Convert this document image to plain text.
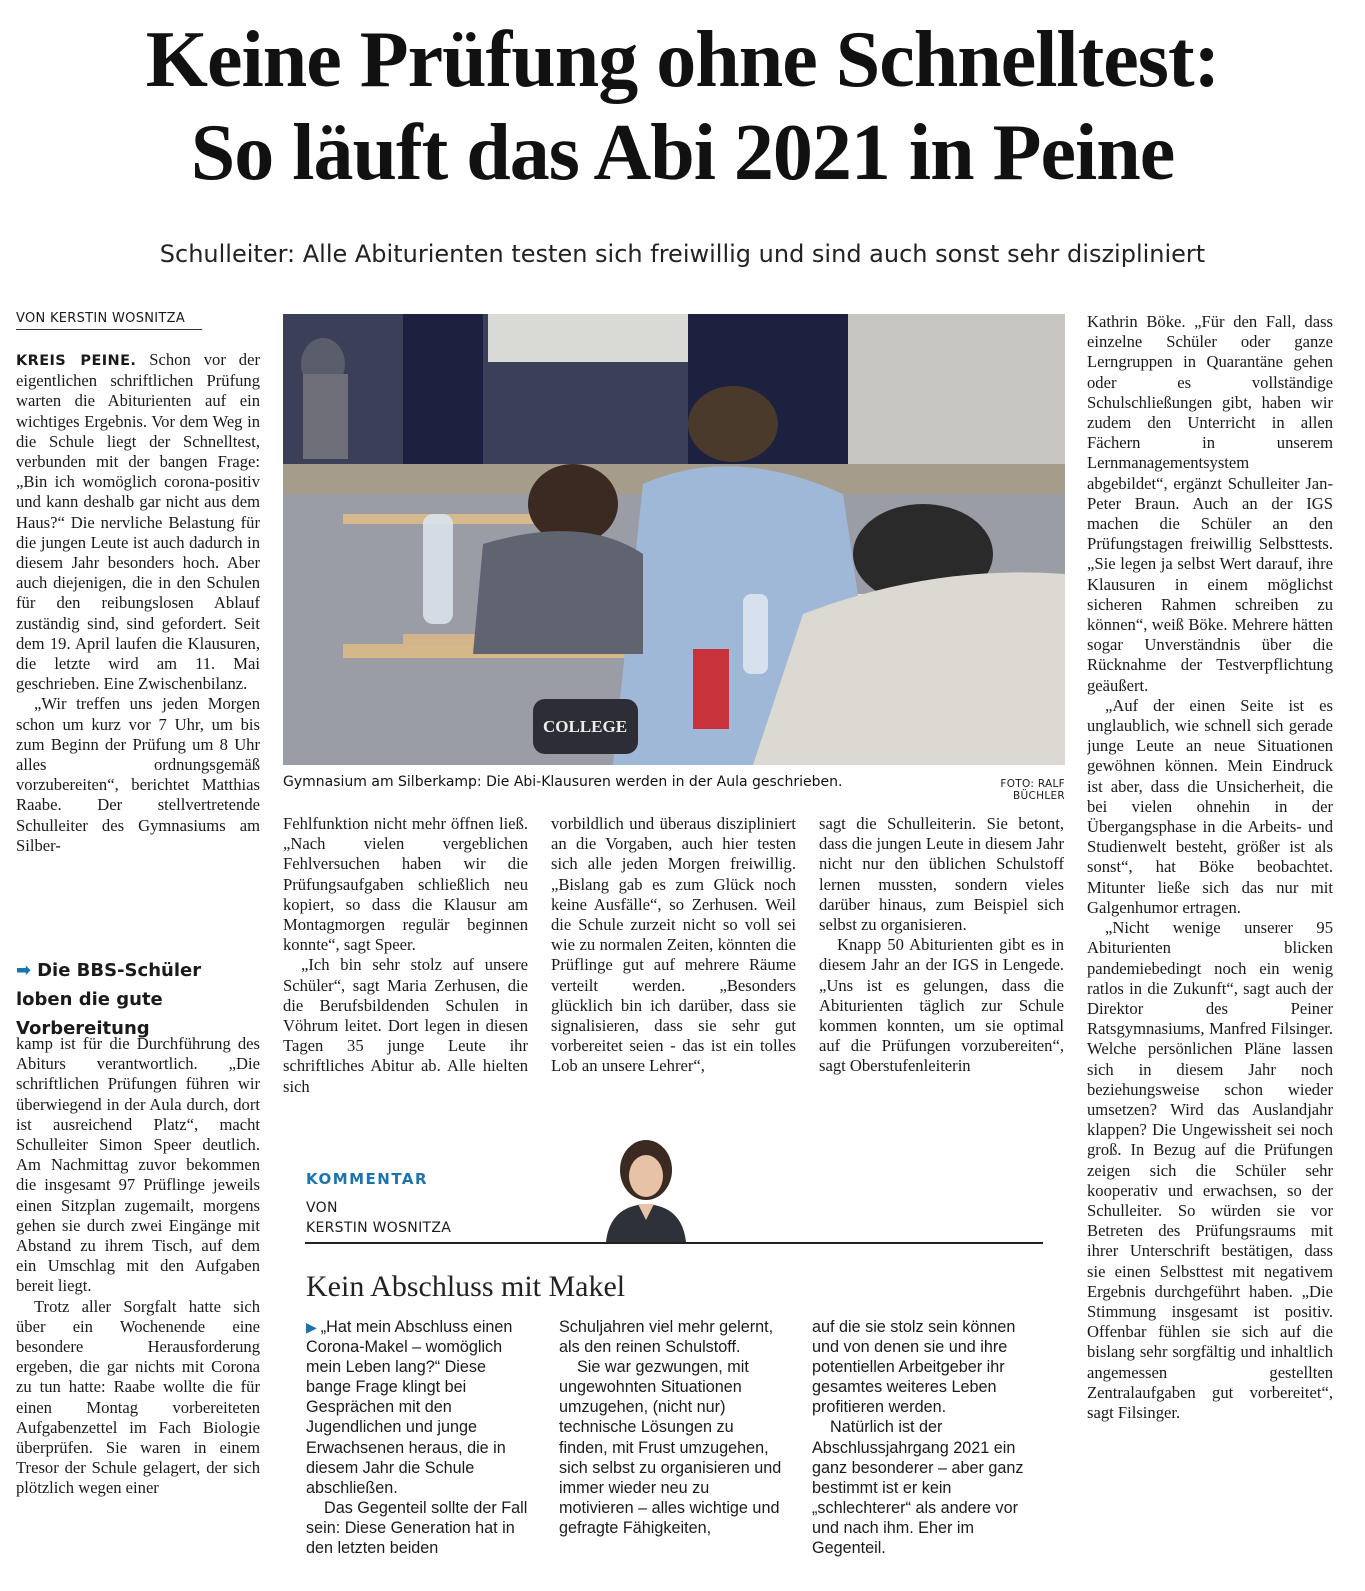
Keine Prüfung ohne Schnelltest:
So läuft das Abi 2021 in Peine
Schulleiter: Alle Abiturienten testen sich freiwillig und sind auch sonst sehr diszipliniert
VON KERSTIN WOSNITZA

KREIS PEINE. Schon vor der eigentlichen schriftlichen Prüfung warten die Abiturienten auf ein wichtiges Ergebnis. Vor dem Weg in die Schule liegt der Schnelltest, verbunden mit der bangen Frage: „Bin ich womöglich corona-positiv und kann deshalb gar nicht aus dem Haus?“ Die nervliche Belastung für die jungen Leute ist auch dadurch in diesem Jahr besonders hoch. Aber auch diejenigen, die in den Schulen für den reibungslosen Ablauf zuständig sind, sind gefordert. Seit dem 19. April laufen die Klausuren, die letzte wird am 11. Mai geschrieben. Eine Zwischenbilanz.

„Wir treffen uns jeden Morgen schon um kurz vor 7 Uhr, um bis zum Beginn der Prüfung um 8 Uhr alles ordnungsgemäß vorzubereiten“, berichtet Matthias Raabe. Der stellvertretende Schulleiter des Gymnasiums am Silber-

➡ Die BBS-Schüler loben die gute Vorbereitung

kamp ist für die Durchführung des Abiturs verantwortlich. „Die schriftlichen Prüfungen führen wir überwiegend in der Aula durch, dort ist ausreichend Platz“, macht Schulleiter Simon Speer deutlich. Am Nachmittag zuvor bekommen die insgesamt 97 Prüflinge jeweils einen Sitzplan zugemailt, morgens gehen sie durch zwei Eingänge mit Abstand zu ihrem Tisch, auf dem ein Umschlag mit den Aufgaben bereit liegt.

Trotz aller Sorgfalt hatte sich über ein Wochenende eine besondere Herausforderung ergeben, die gar nichts mit Corona zu tun hatte: Raabe wollte die für einen Montag vorbereiteten Aufgabenzettel im Fach Biologie überprüfen. Sie waren in einem Tresor der Schule gelagert, der sich plötzlich wegen einer

COLLEGE
Gymnasium am Silberkamp: Die Abi-Klausuren werden in der Aula geschrieben.	FOTO: RALF BÜCHLER

Fehlfunktion nicht mehr öffnen ließ. „Nach vielen vergeblichen Fehlversuchen haben wir die Prüfungsaufgaben schließlich neu kopiert, so dass die Klausur am Montagmorgen regulär beginnen konnte“, sagt Speer.

„Ich bin sehr stolz auf unsere Schüler“, sagt Maria Zerhusen, die die Berufsbildenden Schulen in Vöhrum leitet. Dort legen in diesen Tagen 35 junge Leute ihr schriftliches Abitur ab. Alle hielten sich

vorbildlich und überaus diszipliniert an die Vorgaben, auch hier testen sich alle jeden Morgen freiwillig. „Bislang gab es zum Glück noch keine Ausfälle“, so Zerhusen. Weil die Schule zurzeit nicht so voll sei wie zu normalen Zeiten, könnten die Prüflinge gut auf mehrere Räume verteilt werden. „Besonders glücklich bin ich darüber, dass sie signalisieren, dass sie sehr gut vorbereitet seien - das ist ein tolles Lob an unsere Lehrer“,

sagt die Schulleiterin. Sie betont, dass die jungen Leute in diesem Jahr nicht nur den üblichen Schulstoff lernen mussten, sondern vieles darüber hinaus, zum Beispiel sich selbst zu organisieren.

Knapp 50 Abiturienten gibt es in diesem Jahr an der IGS in Lengede. „Uns ist es gelungen, dass die Abiturienten täglich zur Schule kommen konnten, um sie optimal auf die Prüfungen vorzubereiten“, sagt Oberstufenleiterin

Kathrin Böke. „Für den Fall, dass einzelne Schüler oder ganze Lerngruppen in Quarantäne gehen oder es vollständige Schulschließungen gibt, haben wir zudem den Unterricht in allen Fächern in unserem Lernmanagementsystem abgebildet“, ergänzt Schulleiter Jan-Peter Braun. Auch an der IGS machen die Schüler an den Prüfungstagen freiwillig Selbsttests. „Sie legen ja selbst Wert darauf, ihre Klausuren in einem möglichst sicheren Rahmen schreiben zu können“, weiß Böke. Mehrere hätten sogar Unverständnis über die Rücknahme der Testverpflichtung geäußert.

„Auf der einen Seite ist es unglaublich, wie schnell sich gerade junge Leute an neue Situationen gewöhnen können. Mein Eindruck ist aber, dass die Unsicherheit, die bei vielen ohnehin in der Übergangsphase in die Arbeits- und Studienwelt besteht, größer ist als sonst“, hat Böke beobachtet. Mitunter ließe sich das nur mit Galgenhumor ertragen.

„Nicht wenige unserer 95 Abiturienten blicken pandemiebedingt noch ein wenig ratlos in die Zukunft“, sagt auch der Direktor des Peiner Ratsgymnasiums, Manfred Filsinger. Welche persönlichen Pläne lassen sich in diesem Jahr noch beziehungsweise schon wieder umsetzen? Wird das Auslandjahr klappen? Die Ungewissheit sei noch groß. In Bezug auf die Prüfungen zeigen sich die Schüler sehr kooperativ und erwachsen, so der Schulleiter. So würden sie vor Betreten des Prüfungsraums mit ihrer Unterschrift bestätigen, dass sie einen Selbsttest mit negativem Ergebnis durchgeführt haben. „Die Stimmung insgesamt ist positiv. Offenbar fühlen sie sich auf die bislang sehr sorgfältig und inhaltlich angemessen gestellten Zentralaufgaben gut vorbereitet“, sagt Filsinger.

KOMMENTAR
VON
KERSTIN WOSNITZA
Kein Abschluss mit Makel

▶ „Hat mein Abschluss einen Corona-Makel – womöglich mein Leben lang?“ Diese bange Frage klingt bei Gesprächen mit den Jugendlichen und junge Erwachsenen heraus, die in diesem Jahr die Schule abschließen.

Das Gegenteil sollte der Fall sein: Diese Generation hat in den letzten beiden

Schuljahren viel mehr gelernt, als den reinen Schulstoff.

Sie war gezwungen, mit ungewohnten Situationen umzugehen, (nicht nur) technische Lösungen zu finden, mit Frust umzugehen, sich selbst zu organisieren und immer wieder neu zu motivieren – alles wichtige und gefragte Fähigkeiten,

auf die sie stolz sein können und von denen sie und ihre potentiellen Arbeitgeber ihr gesamtes weiteres Leben profitieren werden.

Natürlich ist der Abschlussjahrgang 2021 ein ganz besonderer – aber ganz bestimmt ist er kein „schlechterer“ als andere vor und nach ihm. Eher im Gegenteil.
